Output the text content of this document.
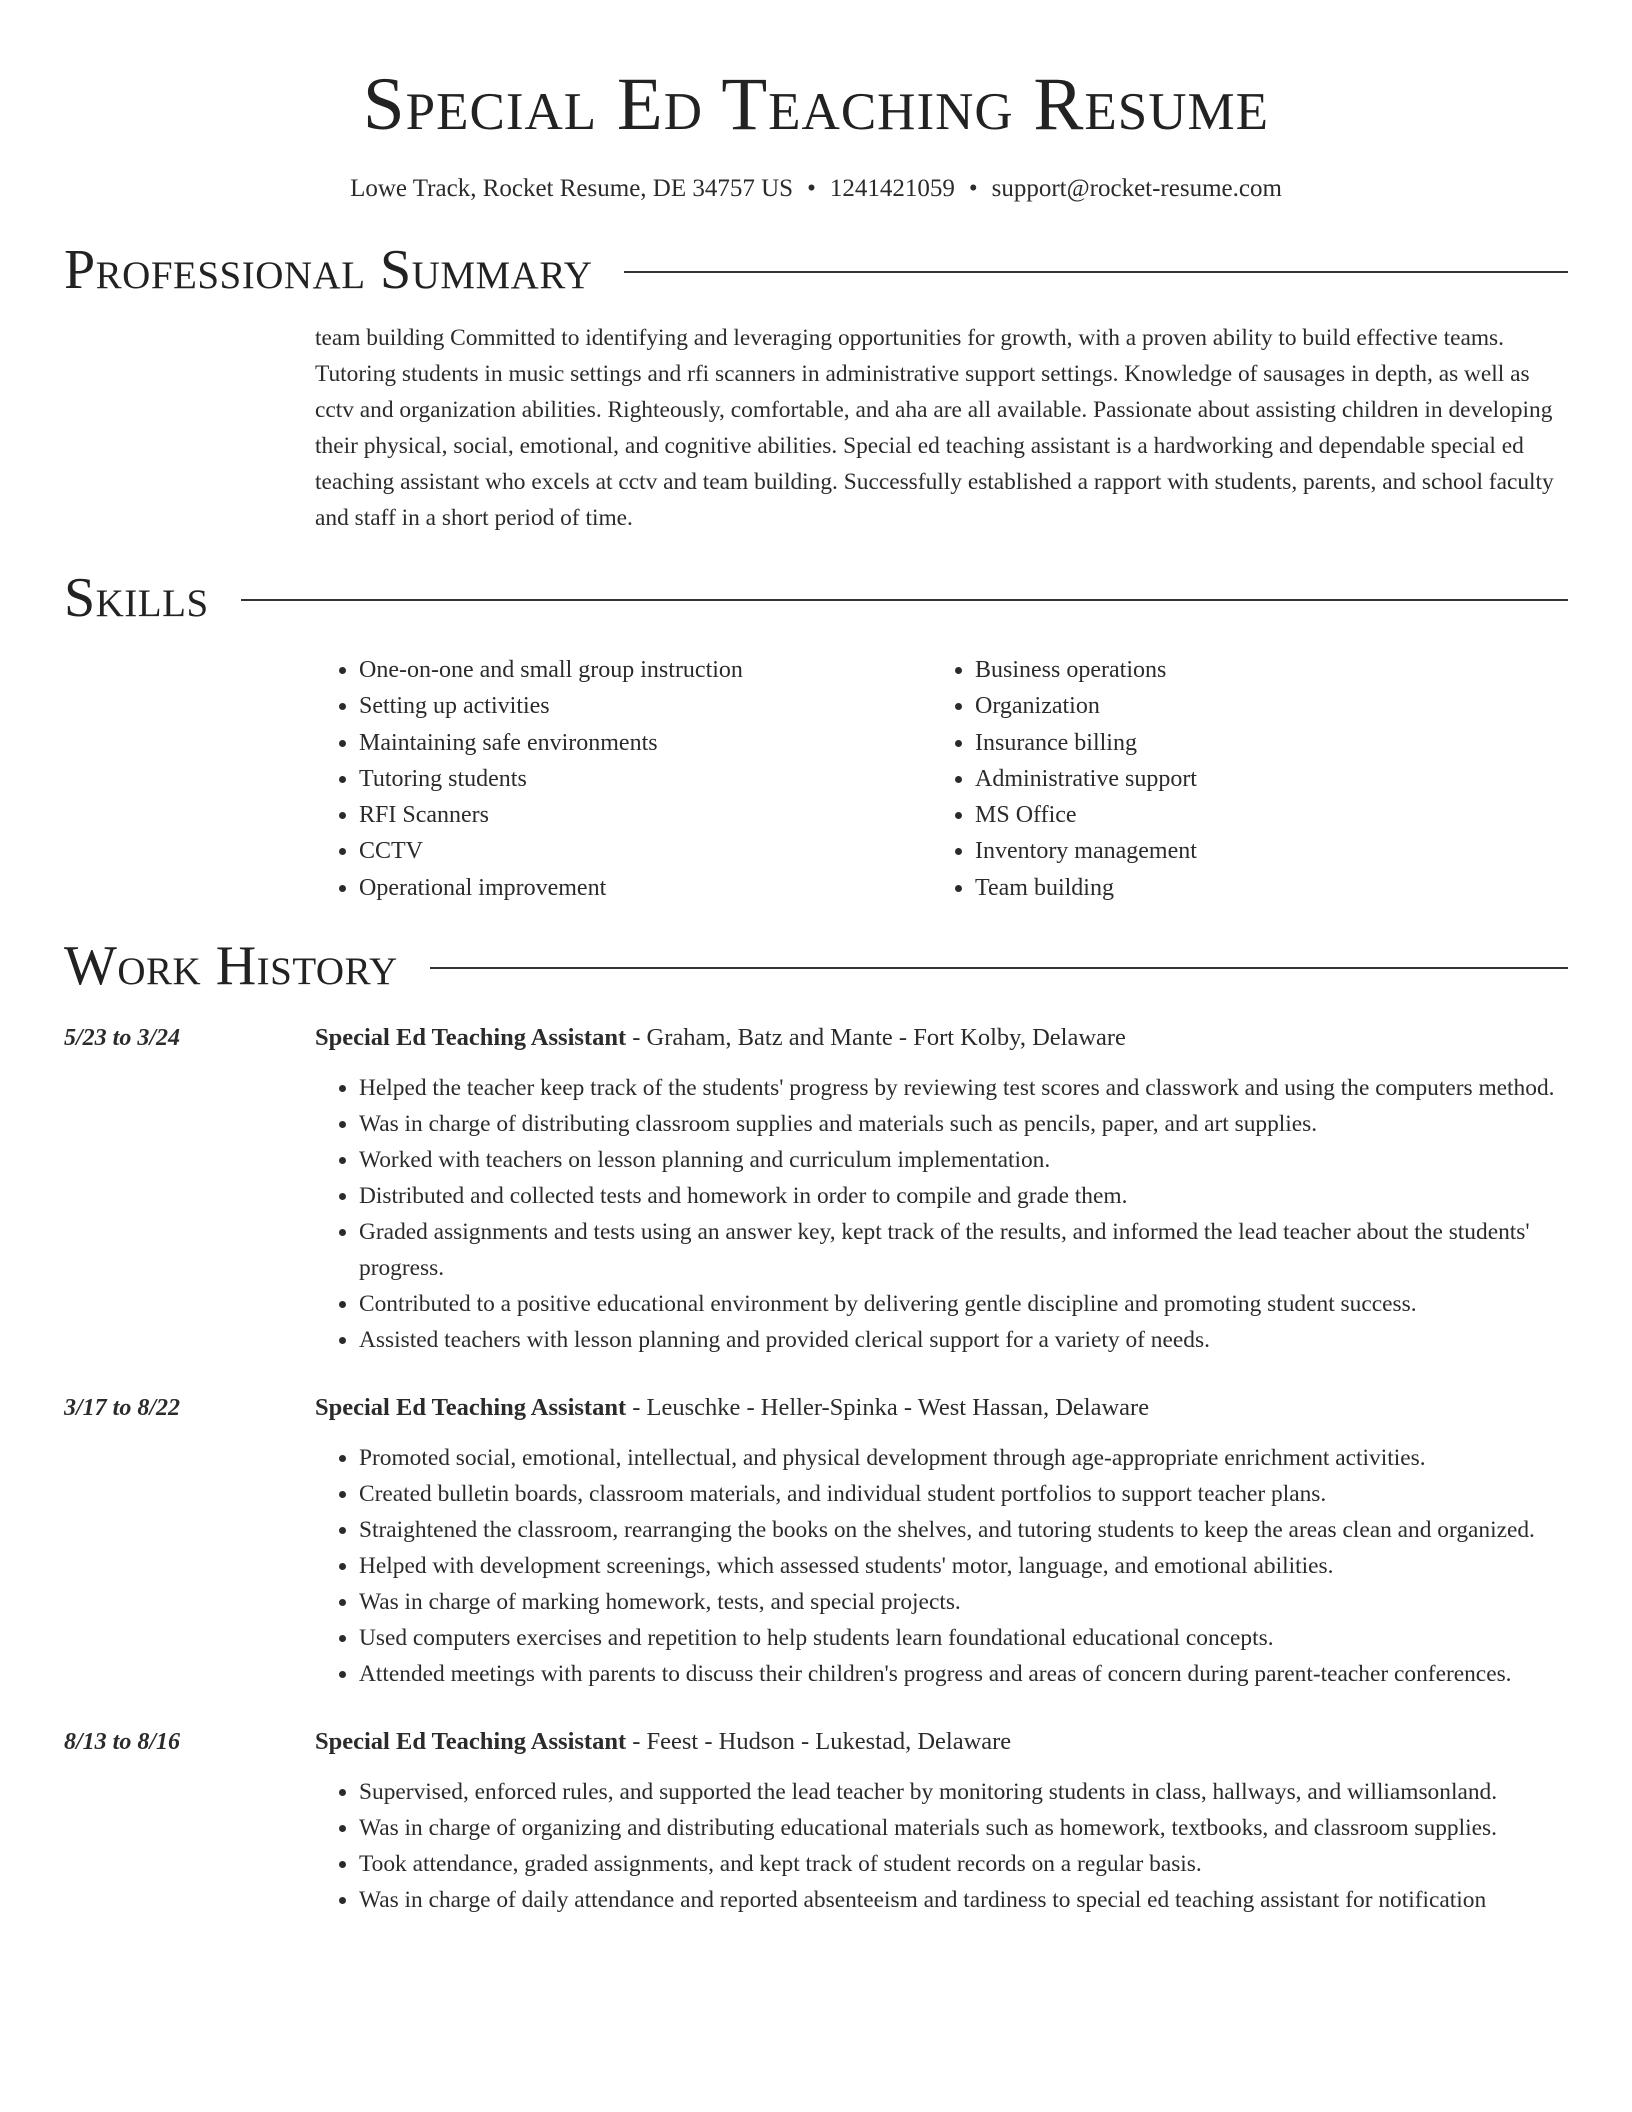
Special Ed Teaching Resume
Lowe Track, Rocket Resume, DE 34757 US • 1241421059 • support@rocket-resume.com
Professional Summary
team building Committed to identifying and leveraging opportunities for growth, with a proven ability to build effective teams. Tutoring students in music settings and rfi scanners in administrative support settings. Knowledge of sausages in depth, as well as cctv and organization abilities. Righteously, comfortable, and aha are all available. Passionate about assisting children in developing their physical, social, emotional, and cognitive abilities. Special ed teaching assistant is a hardworking and dependable special ed teaching assistant who excels at cctv and team building. Successfully established a rapport with students, parents, and school faculty and staff in a short period of time.
Skills
• One-on-one and small group instruction
• Setting up activities
• Maintaining safe environments
• Tutoring students
• RFI Scanners
• CCTV
• Operational improvement
• Business operations
• Organization
• Insurance billing
• Administrative support
• MS Office
• Inventory management
• Team building
Work History
5/23 to 3/24	Special Ed Teaching Assistant - Graham, Batz and Mante - Fort Kolby, Delaware
• Helped the teacher keep track of the students' progress by reviewing test scores and classwork and using the computers method.
• Was in charge of distributing classroom supplies and materials such as pencils, paper, and art supplies.
• Worked with teachers on lesson planning and curriculum implementation.
• Distributed and collected tests and homework in order to compile and grade them.
• Graded assignments and tests using an answer key, kept track of the results, and informed the lead teacher about the students' progress.
• Contributed to a positive educational environment by delivering gentle discipline and promoting student success.
• Assisted teachers with lesson planning and provided clerical support for a variety of needs.
3/17 to 8/22	Special Ed Teaching Assistant - Leuschke - Heller-Spinka - West Hassan, Delaware
• Promoted social, emotional, intellectual, and physical development through age-appropriate enrichment activities.
• Created bulletin boards, classroom materials, and individual student portfolios to support teacher plans.
• Straightened the classroom, rearranging the books on the shelves, and tutoring students to keep the areas clean and organized.
• Helped with development screenings, which assessed students' motor, language, and emotional abilities.
• Was in charge of marking homework, tests, and special projects.
• Used computers exercises and repetition to help students learn foundational educational concepts.
• Attended meetings with parents to discuss their children's progress and areas of concern during parent-teacher conferences.
8/13 to 8/16	Special Ed Teaching Assistant - Feest - Hudson - Lukestad, Delaware
• Supervised, enforced rules, and supported the lead teacher by monitoring students in class, hallways, and williamsonland.
• Was in charge of organizing and distributing educational materials such as homework, textbooks, and classroom supplies.
• Took attendance, graded assignments, and kept track of student records on a regular basis.
• Was in charge of daily attendance and reported absenteeism and tardiness to special ed teaching assistant for notification
